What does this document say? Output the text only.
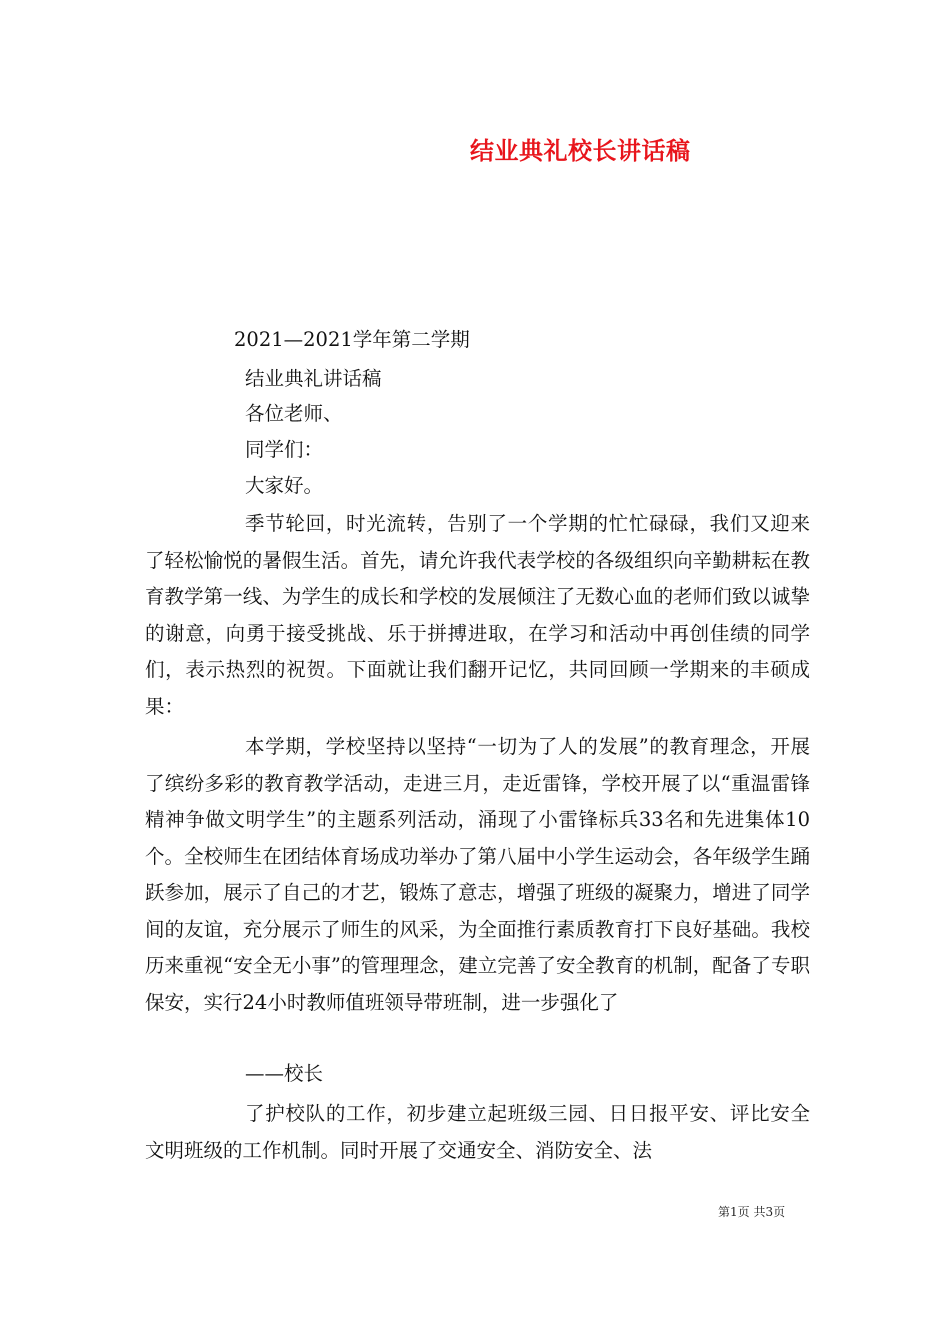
结业典礼校长讲话稿
2021—2021学年第二学期
结业典礼讲话稿
各位老师、
同学们：
大家好。
季节轮回，时光流转，告别了一个学期的忙忙碌碌，我们又迎来了轻松愉悦的暑假生活。首先，请允许我代表学校的各级组织向辛勤耕耘在教育教学第一线、为学生的成长和学校的发展倾注了无数心血的老师们致以诚挚的谢意，向勇于接受挑战、乐于拼搏进取，在学习和活动中再创佳绩的同学们，表示热烈的祝贺。下面就让我们翻开记忆，共同回顾一学期来的丰硕成果：
本学期，学校坚持以坚持“一切为了人的发展”的教育理念，开展了缤纷多彩的教育教学活动，走进三月，走近雷锋，学校开展了以“重温雷锋精神争做文明学生”的主题系列活动，涌现了小雷锋标兵33名和先进集体10个。全校师生在团结体育场成功举办了第八届中小学生运动会，各年级学生踊跃参加，展示了自己的才艺，锻炼了意志，增强了班级的凝聚力，增进了同学间的友谊，充分展示了师生的风采，为全面推行素质教育打下良好基础。我校历来重视“安全无小事”的管理理念，建立完善了安全教育的机制，配备了专职保安，实行24小时教师值班领导带班制，进一步强化了
——校长
了护校队的工作，初步建立起班级三园、日日报平安、评比安全文明班级的工作机制。同时开展了交通安全、消防安全、法
第1页 共3页
